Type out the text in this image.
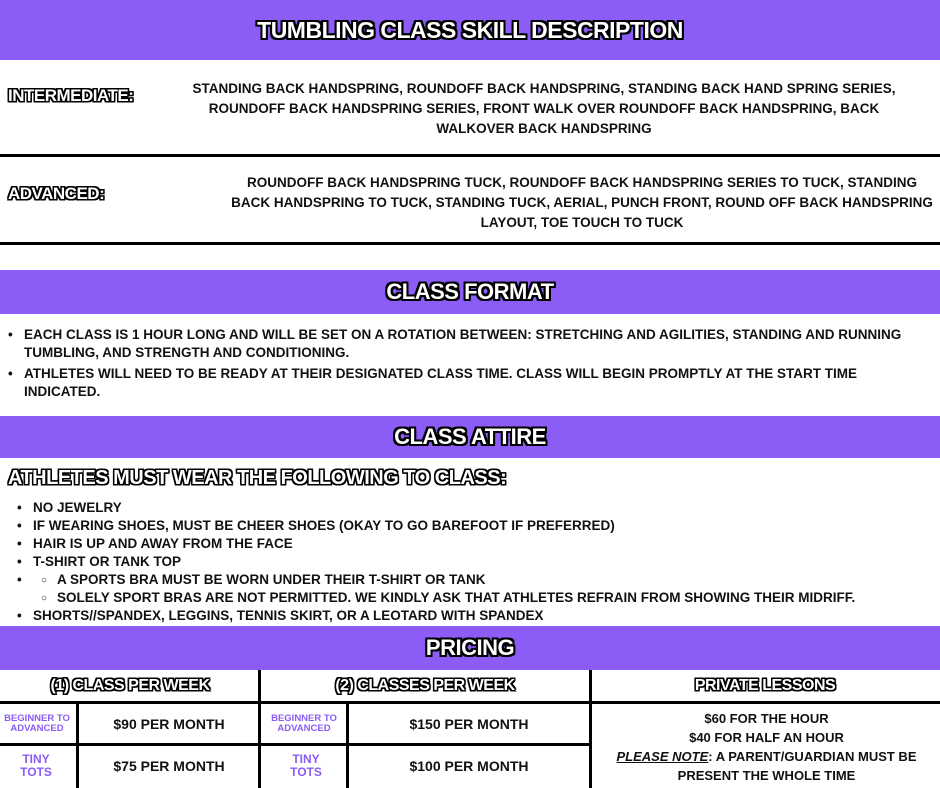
TUMBLING CLASS SKILL DESCRIPTION
INTERMEDIATE:	STANDING BACK HANDSPRING, ROUNDOFF BACK HANDSPRING, STANDING BACK HAND SPRING SERIES, ROUNDOFF BACK HANDSPRING SERIES, FRONT WALK OVER ROUNDOFF BACK HANDSPRING, BACK WALKOVER BACK HANDSPRING
ADVANCED:
ROUNDOFF BACK HANDSPRING TUCK, ROUNDOFF BACK HANDSPRING SERIES TO TUCK, STANDING BACK HANDSPRING TO TUCK, STANDING TUCK, AERIAL, PUNCH FRONT, ROUND OFF BACK HANDSPRING LAYOUT, TOE TOUCH TO TUCK
CLASS FORMAT
• EACH CLASS IS 1 HOUR LONG AND WILL BE SET ON A ROTATION BETWEEN: STRETCHING AND AGILITIES, STANDING AND RUNNING TUMBLING, AND STRENGTH AND CONDITIONING.
• ATHLETES WILL NEED TO BE READY AT THEIR DESIGNATED CLASS TIME. CLASS WILL BEGIN PROMPTLY AT THE START TIME INDICATED.
CLASS ATTIRE
ATHLETES MUST WEAR THE FOLLOWING TO CLASS:
• NO JEWELRY
• IF WEARING SHOES, MUST BE CHEER SHOES (OKAY TO GO BAREFOOT IF PREFERRED)
• HAIR IS UP AND AWAY FROM THE FACE
• T-SHIRT OR TANK TOP
○ • A SPORTS BRA MUST BE WORN UNDER THEIR T-SHIRT OR TANK
○ SOLELY SPORT BRAS ARE NOT PERMITTED. WE KINDLY ASK THAT ATHLETES REFRAIN FROM SHOWING THEIR MIDRIFF.
• SHORTS//SPANDEX, LEGGINS, TENNIS SKIRT, OR A LEOTARD WITH SPANDEX
PRICING
(1) CLASS PER WEEK	(2) CLASSES PER WEEK	PRIVATE LESSONS
BEGINNER TO ADVANCED	$90 PER MONTH	BEGINNER TO ADVANCED	$150 PER MONTH
TINY TOTS	$75 PER MONTH	TINY TOTS	$100 PER MONTH
$60 FOR THE HOUR
$40 FOR HALF AN HOUR
PLEASE NOTE: A PARENT/GUARDIAN MUST BE PRESENT THE WHOLE TIME
